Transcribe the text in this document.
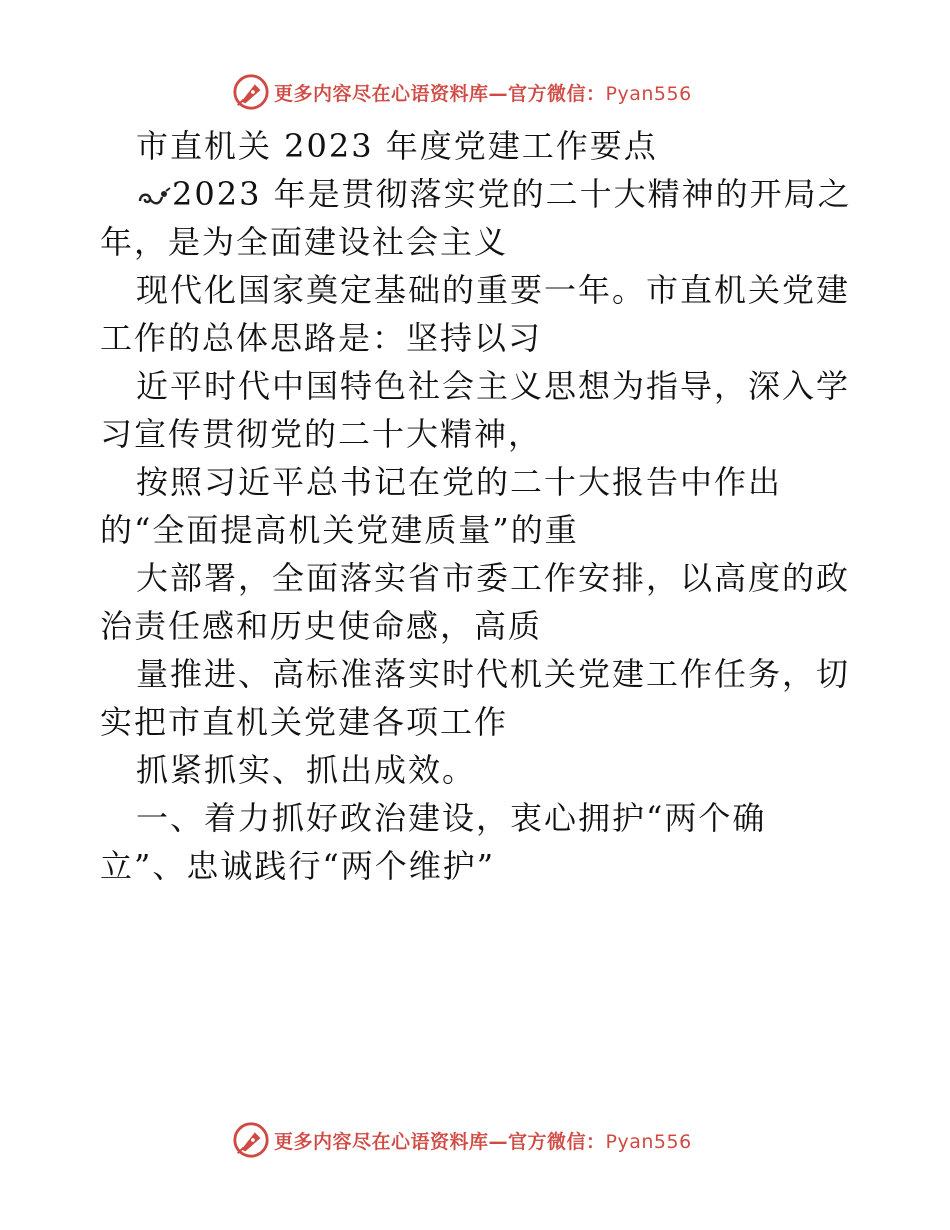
更多内容尽在心语资料库—官方微信：Pyan556
市直机关 2023 年度党建工作要点
2023 年是贯彻落实党的二十大精神的开局之
年，是为全面建设社会主义
现代化国家奠定基础的重要一年。市直机关党建
工作的总体思路是：坚持以习
近平时代中国特色社会主义思想为指导，深入学
习宣传贯彻党的二十大精神，
按照习近平总书记在党的二十大报告中作出
的“全面提高机关党建质量”的重
大部署，全面落实省市委工作安排，以高度的政
治责任感和历史使命感，高质
量推进、高标准落实时代机关党建工作任务，切
实把市直机关党建各项工作
抓紧抓实、抓出成效。
一、着力抓好政治建设，衷心拥护“两个确
立”、忠诚践行“两个维护”
更多内容尽在心语资料库—官方微信：Pyan556
